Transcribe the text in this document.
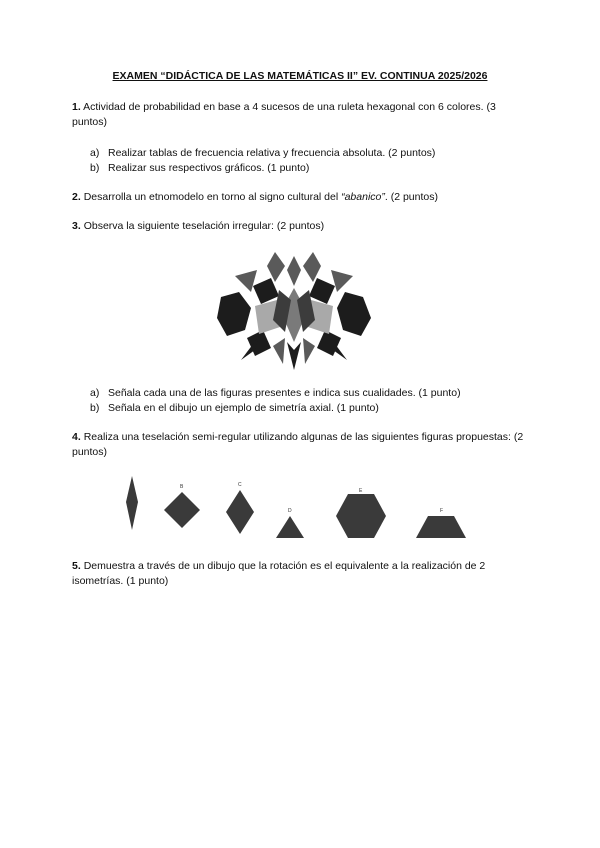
EXAMEN “DIDÁCTICA DE LAS MATEMÁTICAS II” EV. CONTINUA 2025/2026
1. Actividad de probabilidad en base a 4 sucesos de una ruleta hexagonal con 6 colores. (3 puntos)
a) Realizar tablas de frecuencia relativa y frecuencia absoluta. (2 puntos)
b) Realizar sus respectivos gráficos. (1 punto)
2. Desarrolla un etnomodelo en torno al signo cultural del “abanico”. (2 puntos)
3. Observa la siguiente teselación irregular: (2 puntos)
a) Señala cada una de las figuras presentes e indica sus cualidades. (1 punto)
b) Señala en el dibujo un ejemplo de simetría axial. (1 punto)
4. Realiza una teselación semi-regular utilizando algunas de las siguientes figuras propuestas: (2 puntos)
B	C
D
E
F
5. Demuestra a través de un dibujo que la rotación es el equivalente a la realización de 2 isometrías. (1 punto)
